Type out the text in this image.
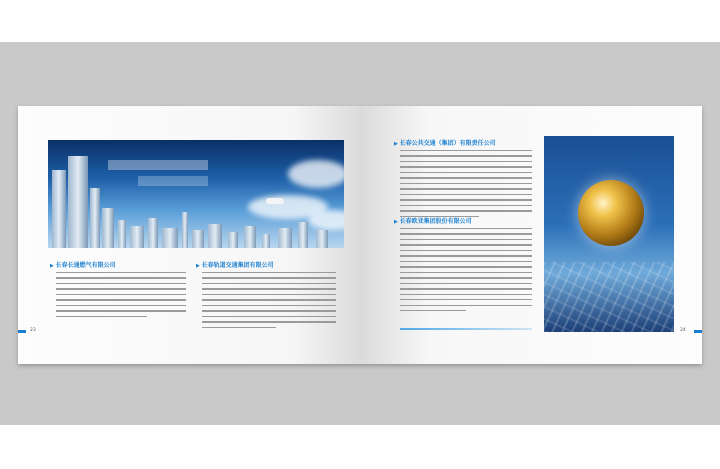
▶ 长春长通燃气有限公司
▶	长春轨道交通集团有限公司
23
▶ 长春公共交通（集团）有限责任公司
▶ 长春欧亚集团股份有限公司
24
